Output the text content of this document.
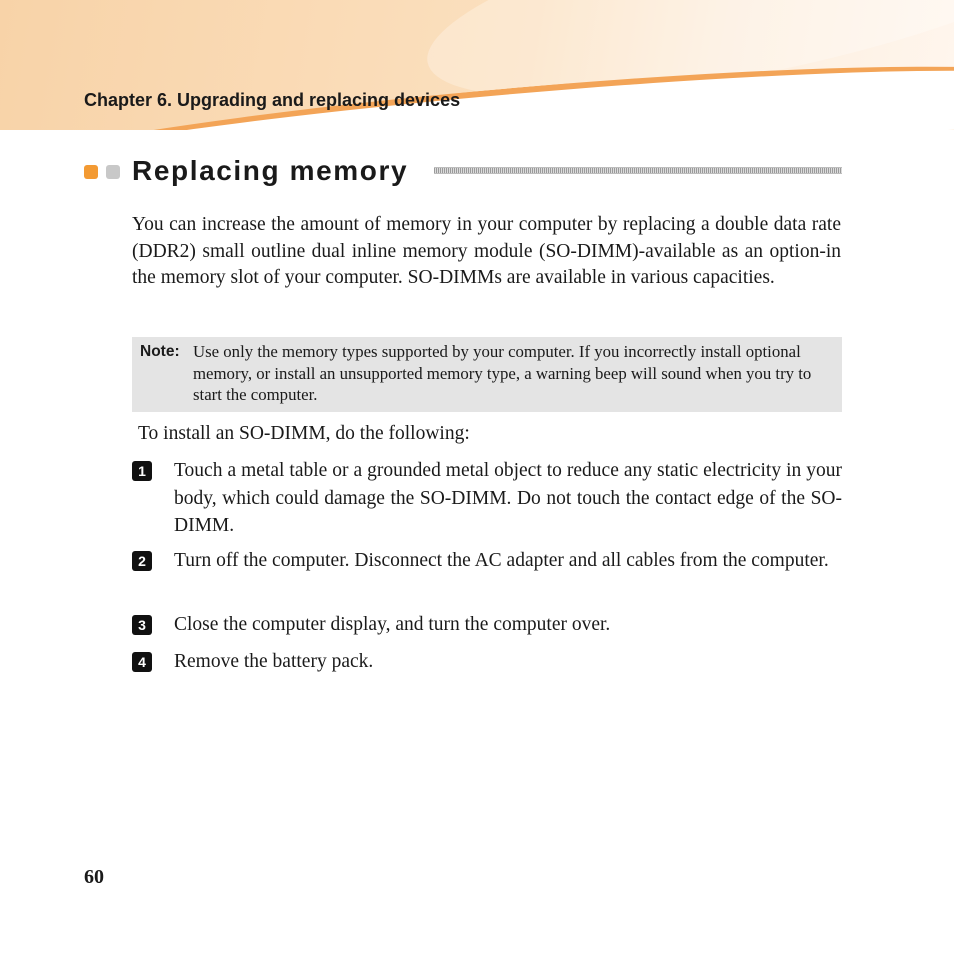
Chapter 6. Upgrading and replacing devices
Replacing memory

You can increase the amount of memory in your computer by replacing a double data rate (DDR2) small outline dual inline memory module (SO-DIMM)-available as an option-in the memory slot of your computer. SO-DIMMs are available in various capacities.

Note: Use only the memory types supported by your computer. If you incorrectly install optional memory, or install an unsupported memory type, a warning beep will sound when you try to start the computer.
To install an SO-DIMM, do the following:
1	Touch a metal table or a grounded metal object to reduce any static electricity in your body, which could damage the SO-DIMM. Do not touch the contact edge of the SO-DIMM.
2	Turn off the computer. Disconnect the AC adapter and all cables from the computer.
3	Close the computer display, and turn the computer over.
4	Remove the battery pack.
60
